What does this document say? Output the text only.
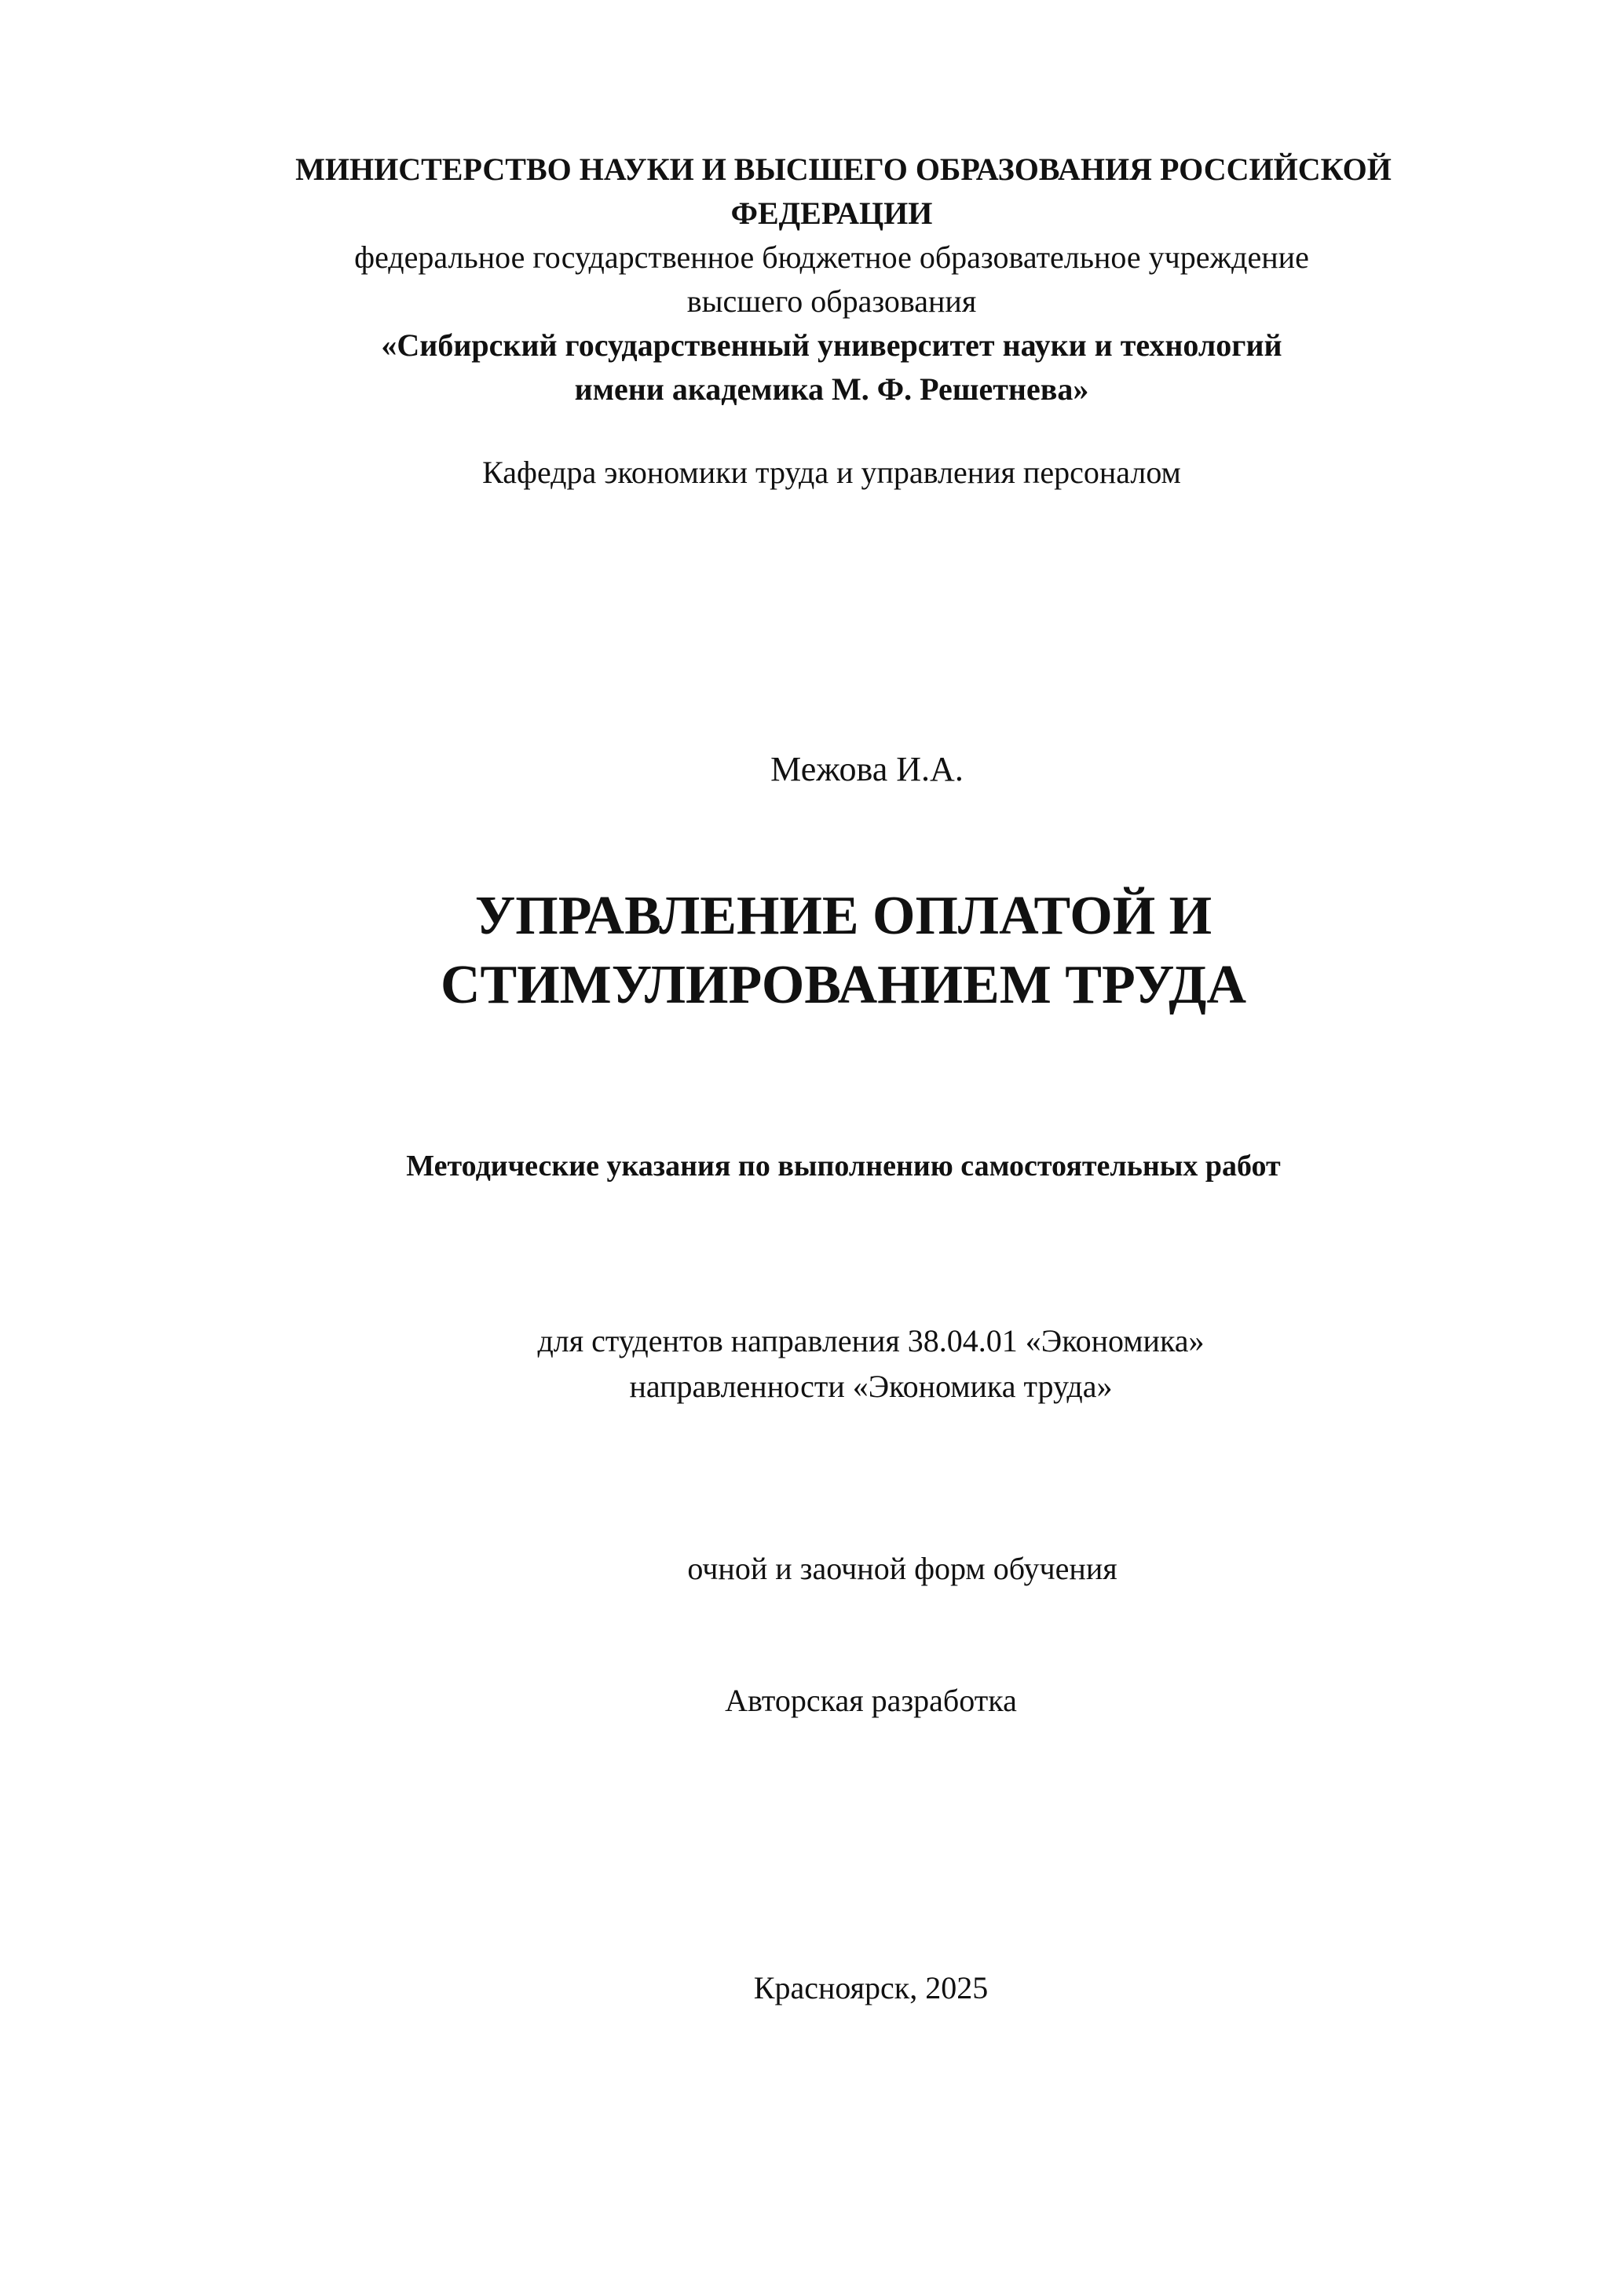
МИНИСТЕРСТВО НАУКИ И ВЫСШЕГО ОБРАЗОВАНИЯ РОССИЙСКОЙ
ФЕДЕРАЦИИ
федеральное государственное бюджетное образовательное учреждение
высшего образования
«Сибирский государственный университет науки и технологий
имени академика М. Ф. Решетнева»
Кафедра экономики труда и управления персоналом
Межова И.А.
УПРАВЛЕНИЕ ОПЛАТОЙ И
СТИМУЛИРОВАНИЕМ ТРУДА
Методические указания по выполнению самостоятельных работ
для студентов направления 38.04.01 «Экономика»
направленности «Экономика труда»
очной и заочной форм обучения
Авторская разработка
Красноярск, 2025
